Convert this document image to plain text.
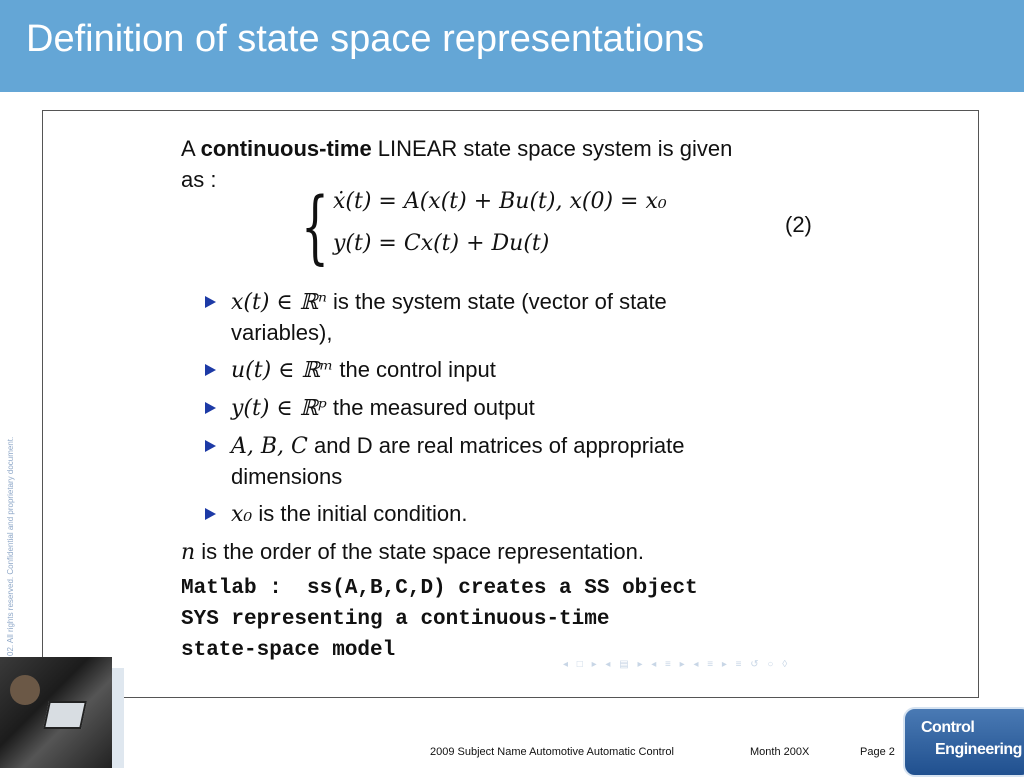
Definition of state space representations
A continuous-time LINEAR state space system is given
as :
{ ẋ(t) = A(x(t) + Bu(t), x(0) = x₀
y(t) = Cx(t) + Du(t)
(2)
x(t) ∈ ℝⁿ is the system state (vector of state variables),
u(t) ∈ ℝᵐ the control input
y(t) ∈ ℝᵖ the measured output
A, B, C and D are real matrices of appropriate dimensions
x₀ is the initial condition.
n is the order of the state space representation.
Matlab :  ss(A,B,C,D) creates a SS object
SYS representing a continuous-time
state-space model
◂ □ ▸ ◂ ▤ ▸ ◂ ≡ ▸ ◂ ≡ ▸ ≡ ↺ ○ ◊
02. All rights reserved. Confidential and proprietary document.
2009 Subject Name Automotive Automatic Control	Month 200X	Page 2
Control
Engineering
